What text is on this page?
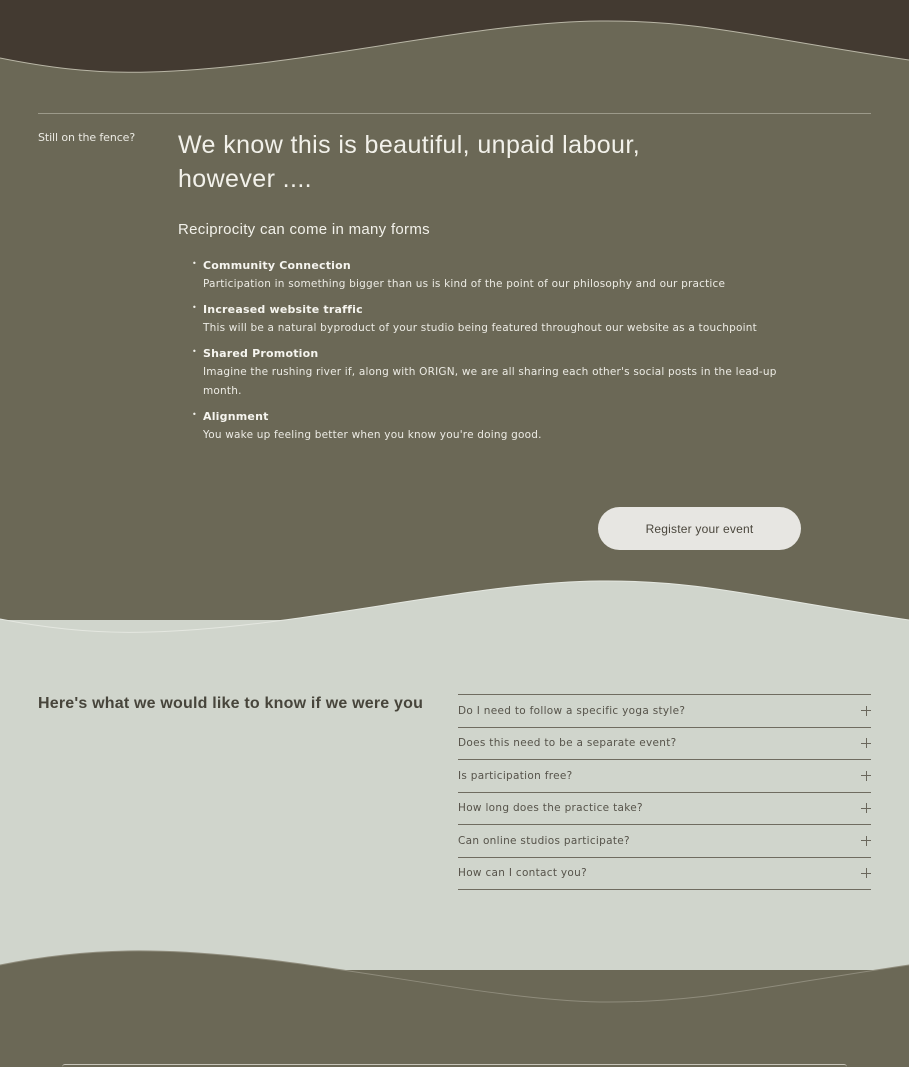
Still on the fence? We know this is beautiful, unpaid labour, however ....
Reciprocity can come in many forms
• Community Connection
Participation in something bigger than us is kind of the point of our philosophy and our practice
• Increased website traffic
This will be a natural byproduct of your studio being featured throughout our website as a touchpoint
• Shared Promotion
Imagine the rushing river if, along with ORIGN, we are all sharing each other's social posts in the lead-up month.
• Alignment
You wake up feeling better when you know you're doing good.
Register your event
Here's what we would like to know if we were you	Do I need to follow a specific yoga style?
Does this need to be a separate event?
Is participation free?
How long does the practice take?
Can online studios participate?
How can I contact you?
